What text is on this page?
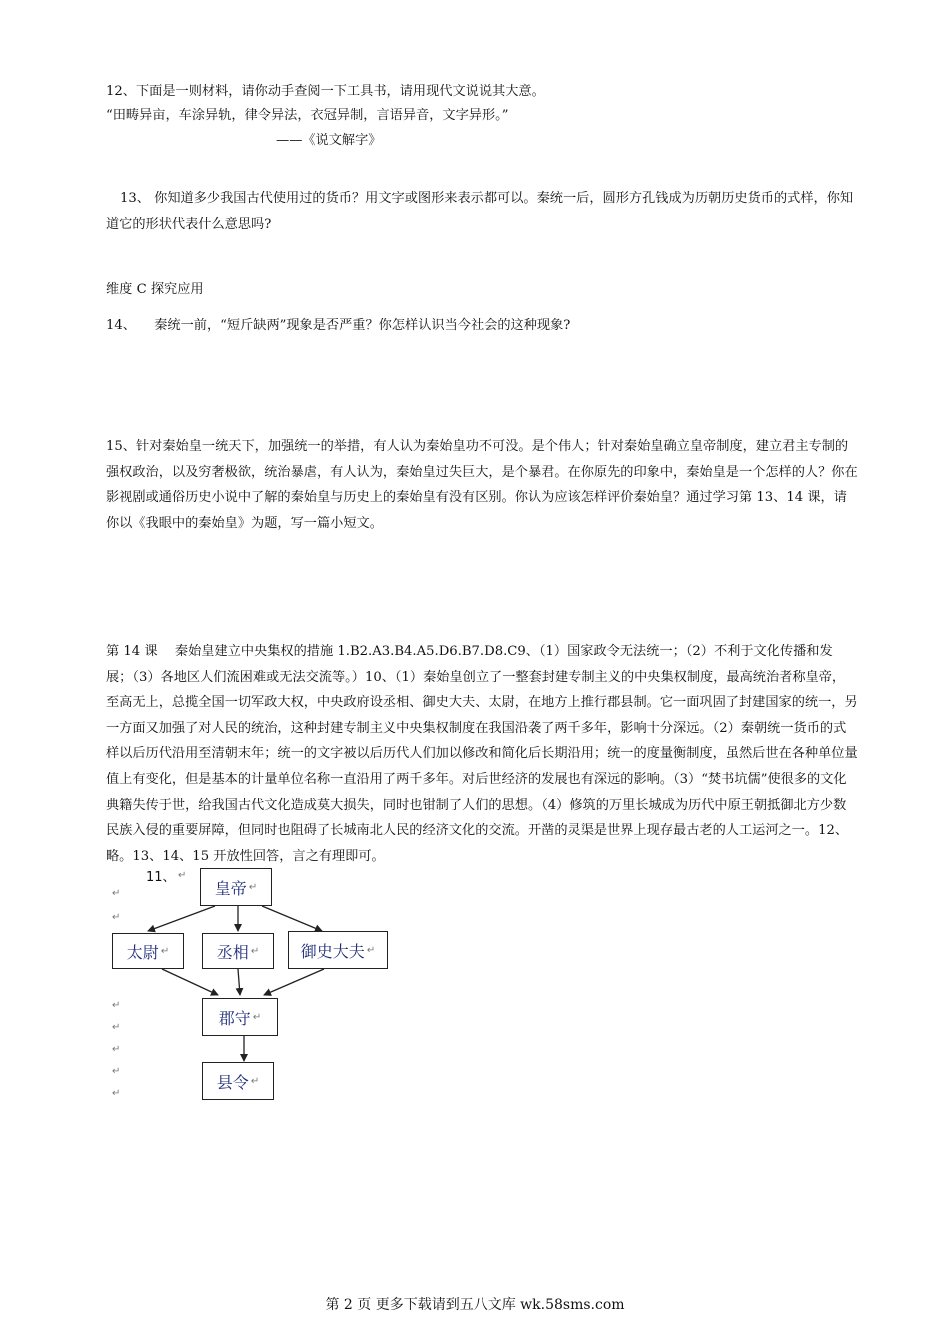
12、下面是一则材料，请你动手查阅一下工具书，请用现代文说说其大意。
“田畴异亩，车涂异轨，律令异法，衣冠异制，言语异音，文字异形。”
——《说文解字》
13、 你知道多少我国古代使用过的货币？用文字或图形来表示都可以。秦统一后，圆形方孔钱成为历朝历史货币的式样，你知道它的形状代表什么意思吗?
维度 C 探究应用
14、 秦统一前，“短斤缺两”现象是否严重？你怎样认识当今社会的这种现象?
15、针对秦始皇一统天下，加强统一的举措，有人认为秦始皇功不可没。是个伟人；针对秦始皇确立皇帝制度，建立君主专制的强权政治，以及穷奢极欲，统治暴虐，有人认为，秦始皇过失巨大，是个暴君。在你原先的印象中，秦始皇是一个怎样的人？你在影视剧或通俗历史小说中了解的秦始皇与历史上的秦始皇有没有区别。你认为应该怎样评价秦始皇？通过学习第 13、14 课，请你以《我眼中的秦始皇》为题，写一篇小短文。
第 14 课 　秦始皇建立中央集权的措施 1.B2.A3.B4.A5.D6.B7.D8.C9、（1）国家政令无法统一；（2）不利于文化传播和发展；（3）各地区人们流困难或无法交流等。）10、（1）秦始皇创立了一整套封建专制主义的中央集权制度，最高统治者称皇帝，至高无上，总揽全国一切军政大权，中央政府设丞相、御史大夫、太尉，在地方上推行郡县制。它一面巩固了封建国家的统一，另一方面又加强了对人民的统治，这种封建专制主义中央集权制度在我国沿袭了两千多年，影响十分深远。（2）秦朝统一货币的式样以后历代沿用至清朝末年；统一的文字被以后历代人们加以修改和简化后长期沿用；统一的度量衡制度，虽然后世在各种单位量值上有变化，但是基本的计量单位名称一直沿用了两千多年。对后世经济的发展也有深远的影响。（3）“焚书坑儒”使很多的文化典籍失传于世，给我国古代文化造成莫大损失，同时也钳制了人们的思想。（4）修筑的万里长城成为历代中原王朝抵御北方少数民族入侵的重要屏障，但同时也阻碍了长城南北人民的经济文化的交流。开凿的灵渠是世界上现存最古老的人工运河之一。12、略。13、14、15 开放性回答，言之有理即可。
11、 ↵
↵
↵
↵
↵
↵
↵
↵
皇帝 ↵
太尉 ↵	丞相 ↵	御史大夫 ↵
郡守 ↵
县令 ↵
第 2 页 更多下载请到五八文库 wk.58sms.com
